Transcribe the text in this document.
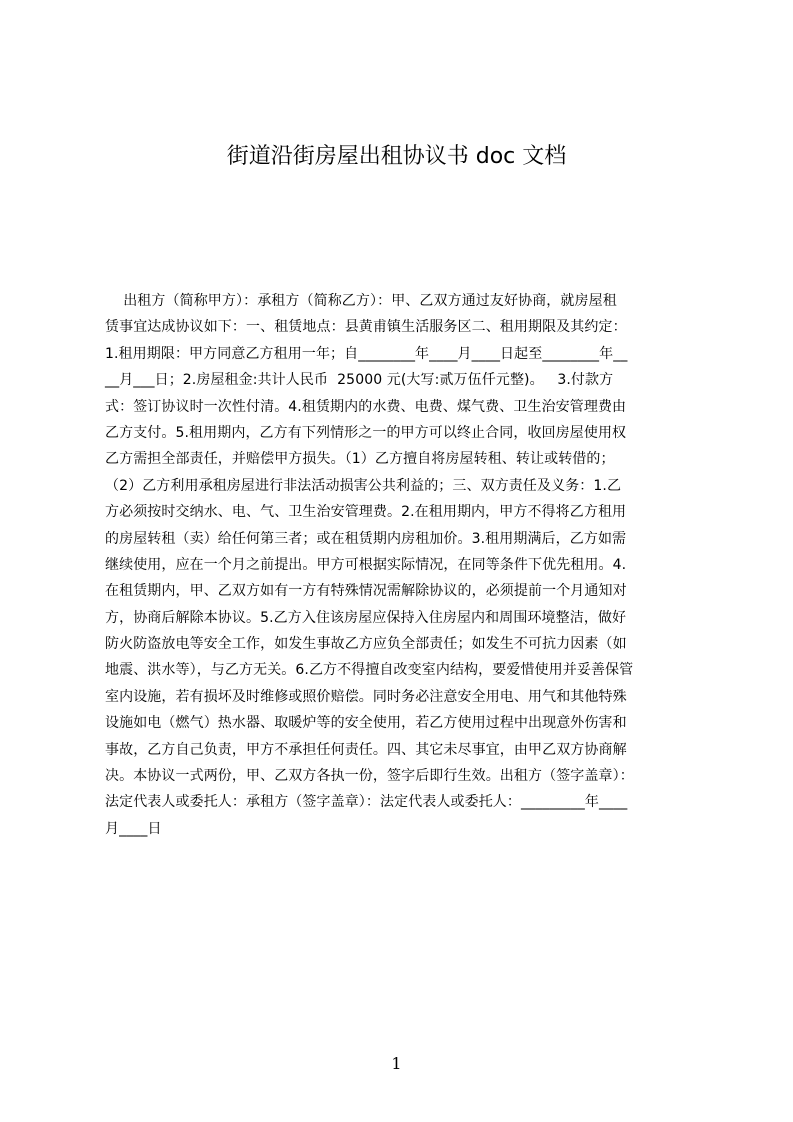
街道沿街房屋出租协议书 doc 文档
出租方（简称甲方）：承租方（简称乙方）：甲、乙双方通过友好协商，就房屋租
赁事宜达成协议如下：一、租赁地点：县黄甫镇生活服务区二、租用期限及其约定：
1.租用期限：甲方同意乙方租用一年；自________年____月____日起至________年__
__月___日；2.房屋租金:共计人民币  25000 元(大写:贰万伍仟元整)。   3.付款方
式：签订协议时一次性付清。4.租赁期内的水费、电费、煤气费、卫生治安管理费由
乙方支付。5.租用期内，乙方有下列情形之一的甲方可以终止合同，收回房屋使用权
乙方需担全部责任，并赔偿甲方损失。（1）乙方擅自将房屋转租、转让或转借的；
（2）乙方利用承租房屋进行非法活动损害公共利益的；三、双方责任及义务：1.乙
方必须按时交纳水、电、气、卫生治安管理费。2.在租用期内，甲方不得将乙方租用
的房屋转租（卖）给任何第三者；或在租赁期内房租加价。3.租用期满后，乙方如需
继续使用，应在一个月之前提出。甲方可根据实际情况，在同等条件下优先租用。4.
在租赁期内，甲、乙双方如有一方有特殊情况需解除协议的，必须提前一个月通知对
方，协商后解除本协议。5.乙方入住该房屋应保持入住房屋内和周围环境整洁，做好
防火防盗放电等安全工作，如发生事故乙方应负全部责任；如发生不可抗力因素（如
地震、洪水等），与乙方无关。6.乙方不得擅自改变室内结构，要爱惜使用并妥善保管
室内设施，若有损坏及时维修或照价赔偿。同时务必注意安全用电、用气和其他特殊
设施如电（燃气）热水器、取暖炉等的安全使用，若乙方使用过程中出现意外伤害和
事故，乙方自己负责，甲方不承担任何责任。四、其它未尽事宜，由甲乙双方协商解
决。本协议一式两份，甲、乙双方各执一份，签字后即行生效。出租方（签字盖章）：
法定代表人或委托人：承租方（签字盖章）：法定代表人或委托人：_________年____
月____日
1
